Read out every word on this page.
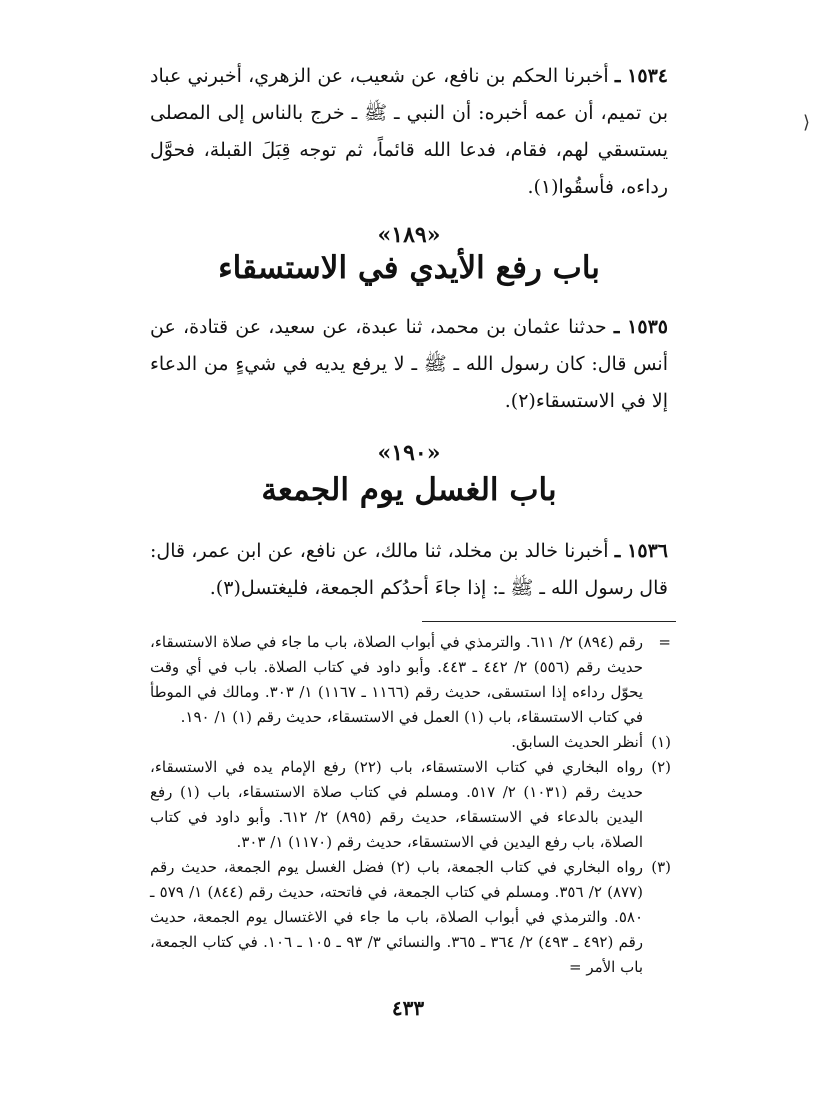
١٥٣٤ ـ أخبرنا الحكم بن نافع، عن شعيب، عن الزهري، أخبرني عباد بن تميم، أن عمه أخبره: أن النبي ـ ﷺ ـ خرج بالناس إلى المصلى يستسقي لهم، فقام، فدعا الله قائماً، ثم توجه قِبَلَ القبلة، فحوَّل رداءه، فأسقُوا(١).
«١٨٩»
باب رفع الأيدي في الاستسقاء
١٥٣٥ ـ حدثنا عثمان بن محمد، ثنا عبدة، عن سعيد، عن قتادة، عن أنس قال: كان رسول الله ـ ﷺ ـ لا يرفع يديه في شيءٍ من الدعاء إلا في الاستسقاء(٢).
«١٩٠»
باب الغسل يوم الجمعة
١٥٣٦ ـ أخبرنا خالد بن مخلد، ثنا مالك، عن نافع، عن ابن عمر، قال: قال رسول الله ـ ﷺ ـ: إذا جاءَ أحدُكم الجمعة، فليغتسل(٣).
=
رقم (٨٩٤) ٢/ ٦١١. والترمذي في أبواب الصلاة، باب ما جاء في صلاة الاستسقاء، حديث رقم (٥٥٦) ٢/ ٤٤٢ ـ ٤٤٣. وأبو داود في كتاب الصلاة. باب في أي وقت يحوّل رداءه إذا استسقى، حديث رقم (١١٦٦ ـ ١١٦٧) ١/ ٣٠٣. ومالك في الموطأ في كتاب الاستسقاء، باب (١) العمل في الاستسقاء، حديث رقم (١) ١/ ١٩٠.
(١)
أنظر الحديث السابق.
(٢)
رواه البخاري في كتاب الاستسقاء، باب (٢٢) رفع الإمام يده في الاستسقاء، حديث رقم (١٠٣١) ٢/ ٥١٧. ومسلم في كتاب صلاة الاستسقاء، باب (١) رفع اليدين بالدعاء في الاستسقاء، حديث رقم (٨٩٥) ٢/ ٦١٢. وأبو داود في كتاب الصلاة، باب رفع اليدين في الاستسقاء، حديث رقم (١١٧٠) ١/ ٣٠٣.
(٣)
رواه البخاري في كتاب الجمعة، باب (٢) فضل الغسل يوم الجمعة، حديث رقم (٨٧٧) ٢/ ٣٥٦. ومسلم في كتاب الجمعة، في فاتحته، حديث رقم (٨٤٤) ١/ ٥٧٩ ـ ٥٨٠. والترمذي في أبواب الصلاة، باب ما جاء في الاغتسال يوم الجمعة، حديث رقم (٤٩٢ ـ ٤٩٣) ٢/ ٣٦٤ ـ ٣٦٥. والنسائي ٣/ ٩٣ ـ ١٠٥ ـ ١٠٦. في كتاب الجمعة، باب الأمر =
٤٣٣
⟨
